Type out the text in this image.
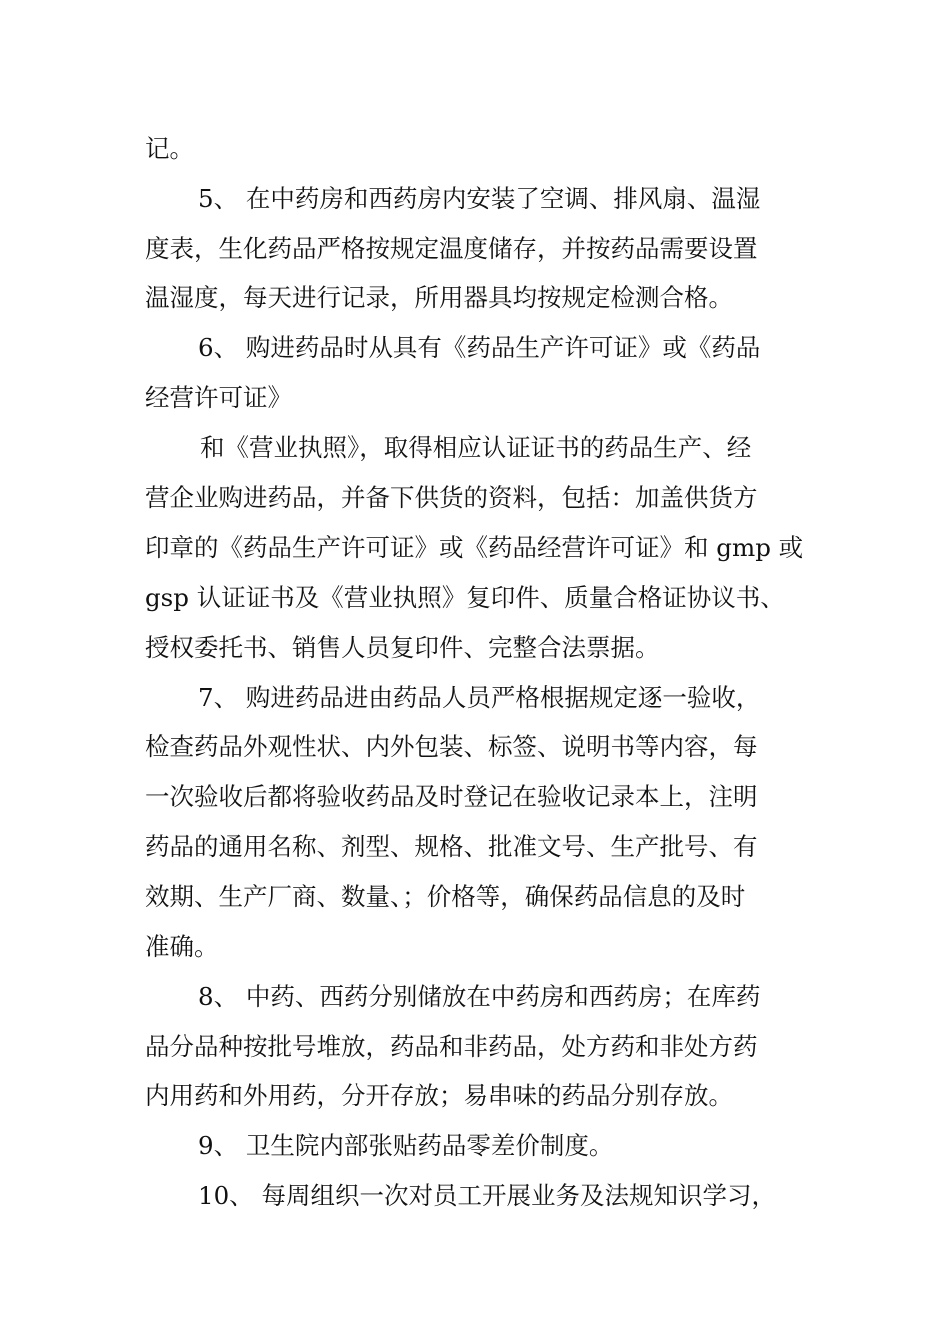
记。
5、 在中药房和西药房内安装了空调、排风扇、温湿
度表，生化药品严格按规定温度储存，并按药品需要设置
温湿度，每天进行记录，所用器具均按规定检测合格。
6、 购进药品时从具有《药品生产许可证》或《药品
经营许可证》
和《营业执照》，取得相应认证证书的药品生产、经
营企业购进药品，并备下供货的资料，包括：加盖供货方
印章的《药品生产许可证》或《药品经营许可证》和 gmp 或
gsp 认证证书及《营业执照》复印件、质量合格证协议书、
授权委托书、销售人员复印件、完整合法票据。
7、 购进药品进由药品人员严格根据规定逐一验收，
检查药品外观性状、内外包装、标签、说明书等内容，每
一次验收后都将验收药品及时登记在验收记录本上，注明
药品的通用名称、剂型、规格、批准文号、生产批号、有
效期、生产厂商、数量、；价格等，确保药品信息的及时
准确。
8、 中药、西药分别储放在中药房和西药房；在库药
品分品种按批号堆放，药品和非药品，处方药和非处方药
内用药和外用药，分开存放；易串味的药品分别存放。
9、 卫生院内部张贴药品零差价制度。
10、 每周组织一次对员工开展业务及法规知识学习，
